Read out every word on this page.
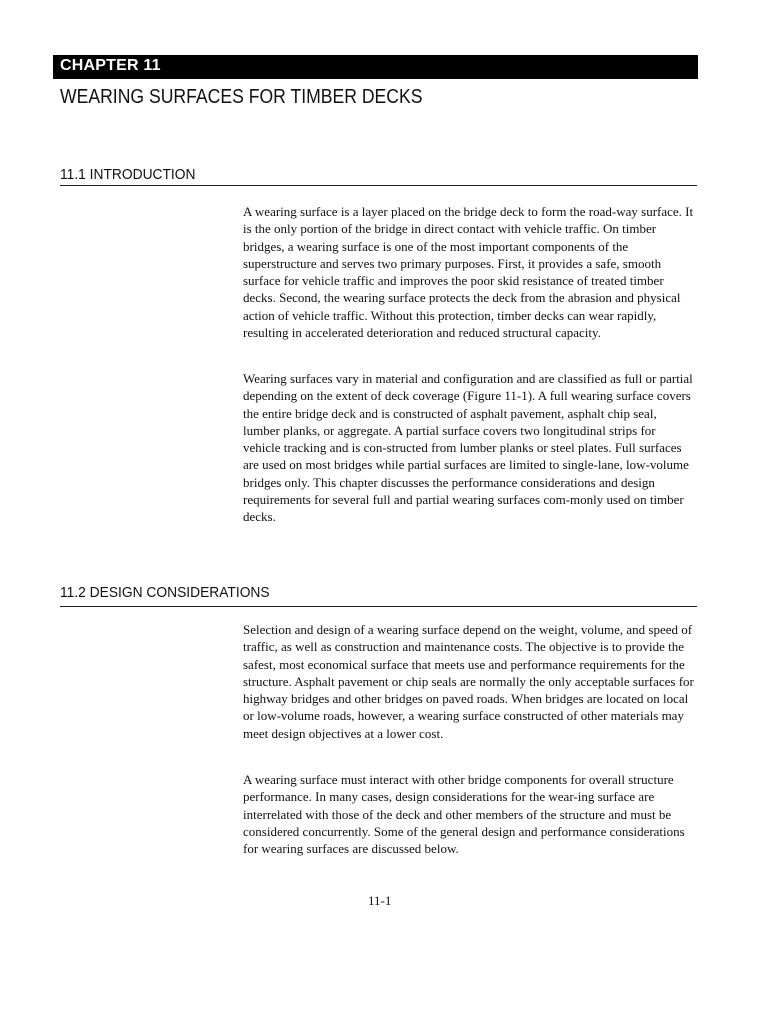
CHAPTER 11
WEARING SURFACES FOR TIMBER DECKS
11.1 INTRODUCTION

A wearing surface is a layer placed on the bridge deck to form the road-way surface. It is the only portion of the bridge in direct contact with vehicle traffic. On timber bridges, a wearing surface is one of the most important components of the superstructure and serves two primary purposes. First, it provides a safe, smooth surface for vehicle traffic and improves the poor skid resistance of treated timber decks. Second, the wearing surface protects the deck from the abrasion and physical action of vehicle traffic. Without this protection, timber decks can wear rapidly, resulting in accelerated deterioration and reduced structural capacity.

Wearing surfaces vary in material and configuration and are classified as full or partial depending on the extent of deck coverage (Figure 11-1). A full wearing surface covers the entire bridge deck and is constructed of asphalt pavement, asphalt chip seal, lumber planks, or aggregate. A partial surface covers two longitudinal strips for vehicle tracking and is con-structed from lumber planks or steel plates. Full surfaces are used on most bridges while partial surfaces are limited to single-lane, low-volume bridges only. This chapter discusses the performance considerations and design requirements for several full and partial wearing surfaces com-monly used on timber decks.

11.2 DESIGN CONSIDERATIONS

Selection and design of a wearing surface depend on the weight, volume, and speed of traffic, as well as construction and maintenance costs. The objective is to provide the safest, most economical surface that meets use and performance requirements for the structure. Asphalt pavement or chip seals are normally the only acceptable surfaces for highway bridges and other bridges on paved roads. When bridges are located on local or low-volume roads, however, a wearing surface constructed of other materials may meet design objectives at a lower cost.

A wearing surface must interact with other bridge components for overall structure performance. In many cases, design considerations for the wear-ing surface are interrelated with those of the deck and other members of the structure and must be considered concurrently. Some of the general design and performance considerations for wearing surfaces are discussed below.

11-1
